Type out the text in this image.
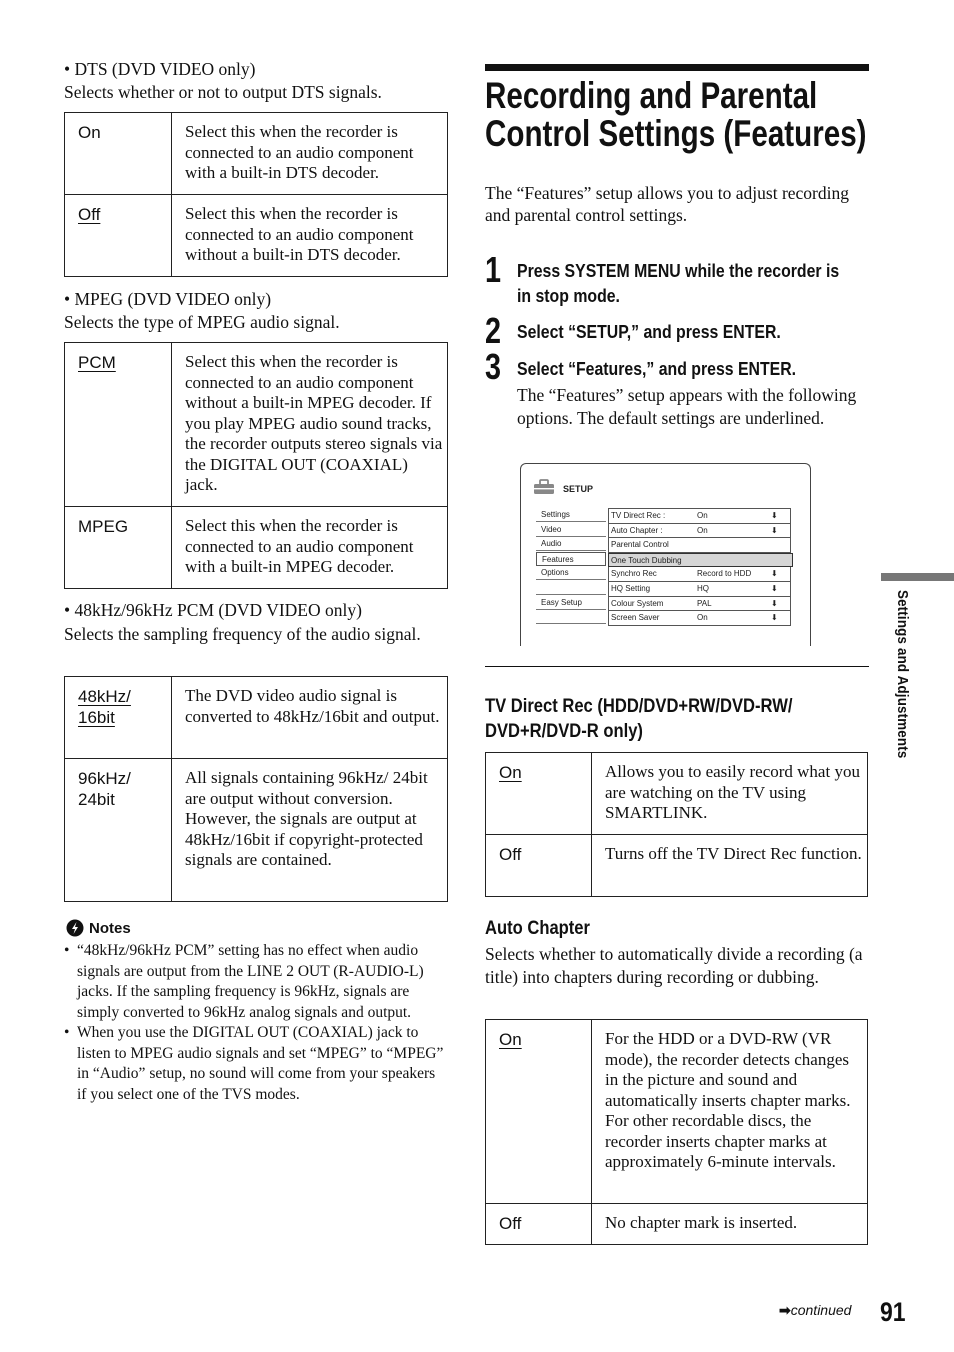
• DTS (DVD VIDEO only)
Selects whether or not to output DTS signals.
On	Select this when the recorder is connected to an audio component with a built-in DTS decoder.
Off	Select this when the recorder is connected to an audio component without a built-in DTS decoder.
• MPEG (DVD VIDEO only)
Selects the type of MPEG audio signal.
PCM	Select this when the recorder is connected to an audio component without a built-in MPEG decoder. If you play MPEG audio sound tracks, the recorder outputs stereo signals via the DIGITAL OUT (COAXIAL) jack.
MPEG	Select this when the recorder is connected to an audio component with a built-in MPEG decoder.
• 48kHz/96kHz PCM (DVD VIDEO only)
Selects the sampling frequency of the audio signal.
48kHz/ 16bit	The DVD video audio signal is converted to 48kHz/16bit and output.
96kHz/ 24bit	All signals containing 96kHz/ 24bit are output without conversion. However, the signals are output at 48kHz/16bit if copyright-protected signals are contained.
Notes
• “48kHz/96kHz PCM” setting has no effect when audio signals are output from the LINE 2 OUT (R-AUDIO-L) jacks. If the sampling frequency is 96kHz, signals are simply converted to 96kHz analog signals and output.
• When you use the DIGITAL OUT (COAXIAL) jack to listen to MPEG audio signals and set “MPEG” to “MPEG” in “Audio” setup, no sound will come from your speakers if you select one of the TVS modes.
Recording and Parental
Control Settings (Features)
The “Features” setup allows you to adjust recording and parental control settings.
1 Press SYSTEM MENU while the recorder is
in stop mode.
2 Select “SETUP,” and press ENTER.
3 Select “Features,” and press ENTER.
The “Features” setup appears with the following options. The default settings are underlined.
SETUP
Settings
Video
Audio
Features
Options
Easy Setup
TV Direct Rec :	On	⬇
Auto Chapter :	On	⬇
Parental Control
One Touch Dubbing
Synchro Rec	Record to HDD ⬇
HQ Setting	HQ	⬇
Colour System	PAL	⬇
Screen Saver	On	⬇
TV Direct Rec (HDD/DVD+RW/DVD-RW/
DVD+R/DVD-R only)
On	Allows you to easily record what you are watching on the TV using SMARTLINK.
Off	Turns off the TV Direct Rec function.
Auto Chapter
Selects whether to automatically divide a recording (a title) into chapters during recording or dubbing.
On	For the HDD or a DVD-RW (VR mode), the recorder detects changes in the picture and sound and automatically inserts chapter marks. For other recordable discs, the recorder inserts chapter marks at approximately 6-minute intervals.
Off	No chapter mark is inserted.
Settings and Adjustments
➡continued 91
